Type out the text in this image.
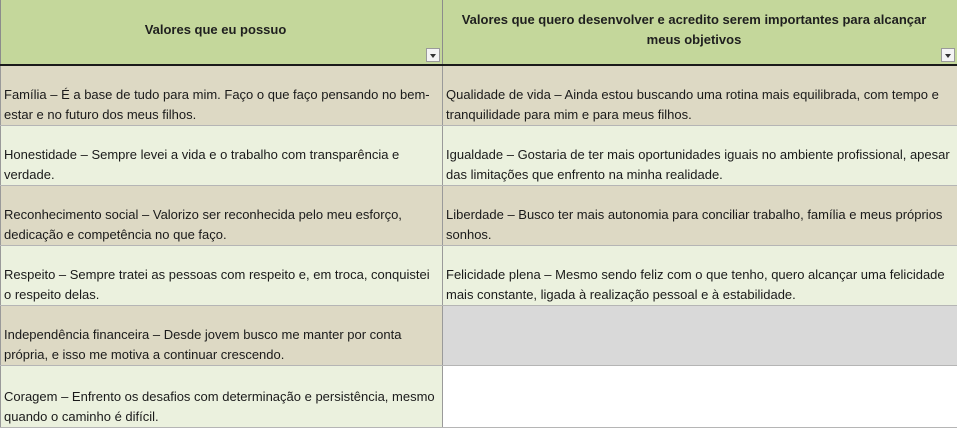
Valores que eu possuo	Valores que quero desenvolver e acredito serem importantes para alcançar meus objetivos

Família – É a base de tudo para mim. Faço o que faço pensando no bem-estar e no futuro dos meus filhos.	Qualidade de vida – Ainda estou buscando uma rotina mais equilibrada, com tempo e tranquilidade para mim e para meus filhos.
Honestidade – Sempre levei a vida e o trabalho com transparência e verdade.	Igualdade – Gostaria de ter mais oportunidades iguais no ambiente profissional, apesar das limitações que enfrento na minha realidade.
Reconhecimento social – Valorizo ser reconhecida pelo meu esforço, dedicação e competência no que faço.	Liberdade – Busco ter mais autonomia para conciliar trabalho, família e meus próprios sonhos.
Respeito – Sempre tratei as pessoas com respeito e, em troca, conquistei o respeito delas.	Felicidade plena – Mesmo sendo feliz com o que tenho, quero alcançar uma felicidade mais constante, ligada à realização pessoal e à estabilidade.
Independência financeira – Desde jovem busco me manter por conta própria, e isso me motiva a continuar crescendo.	
Coragem – Enfrento os desafios com determinação e persistência, mesmo quando o caminho é difícil.	
